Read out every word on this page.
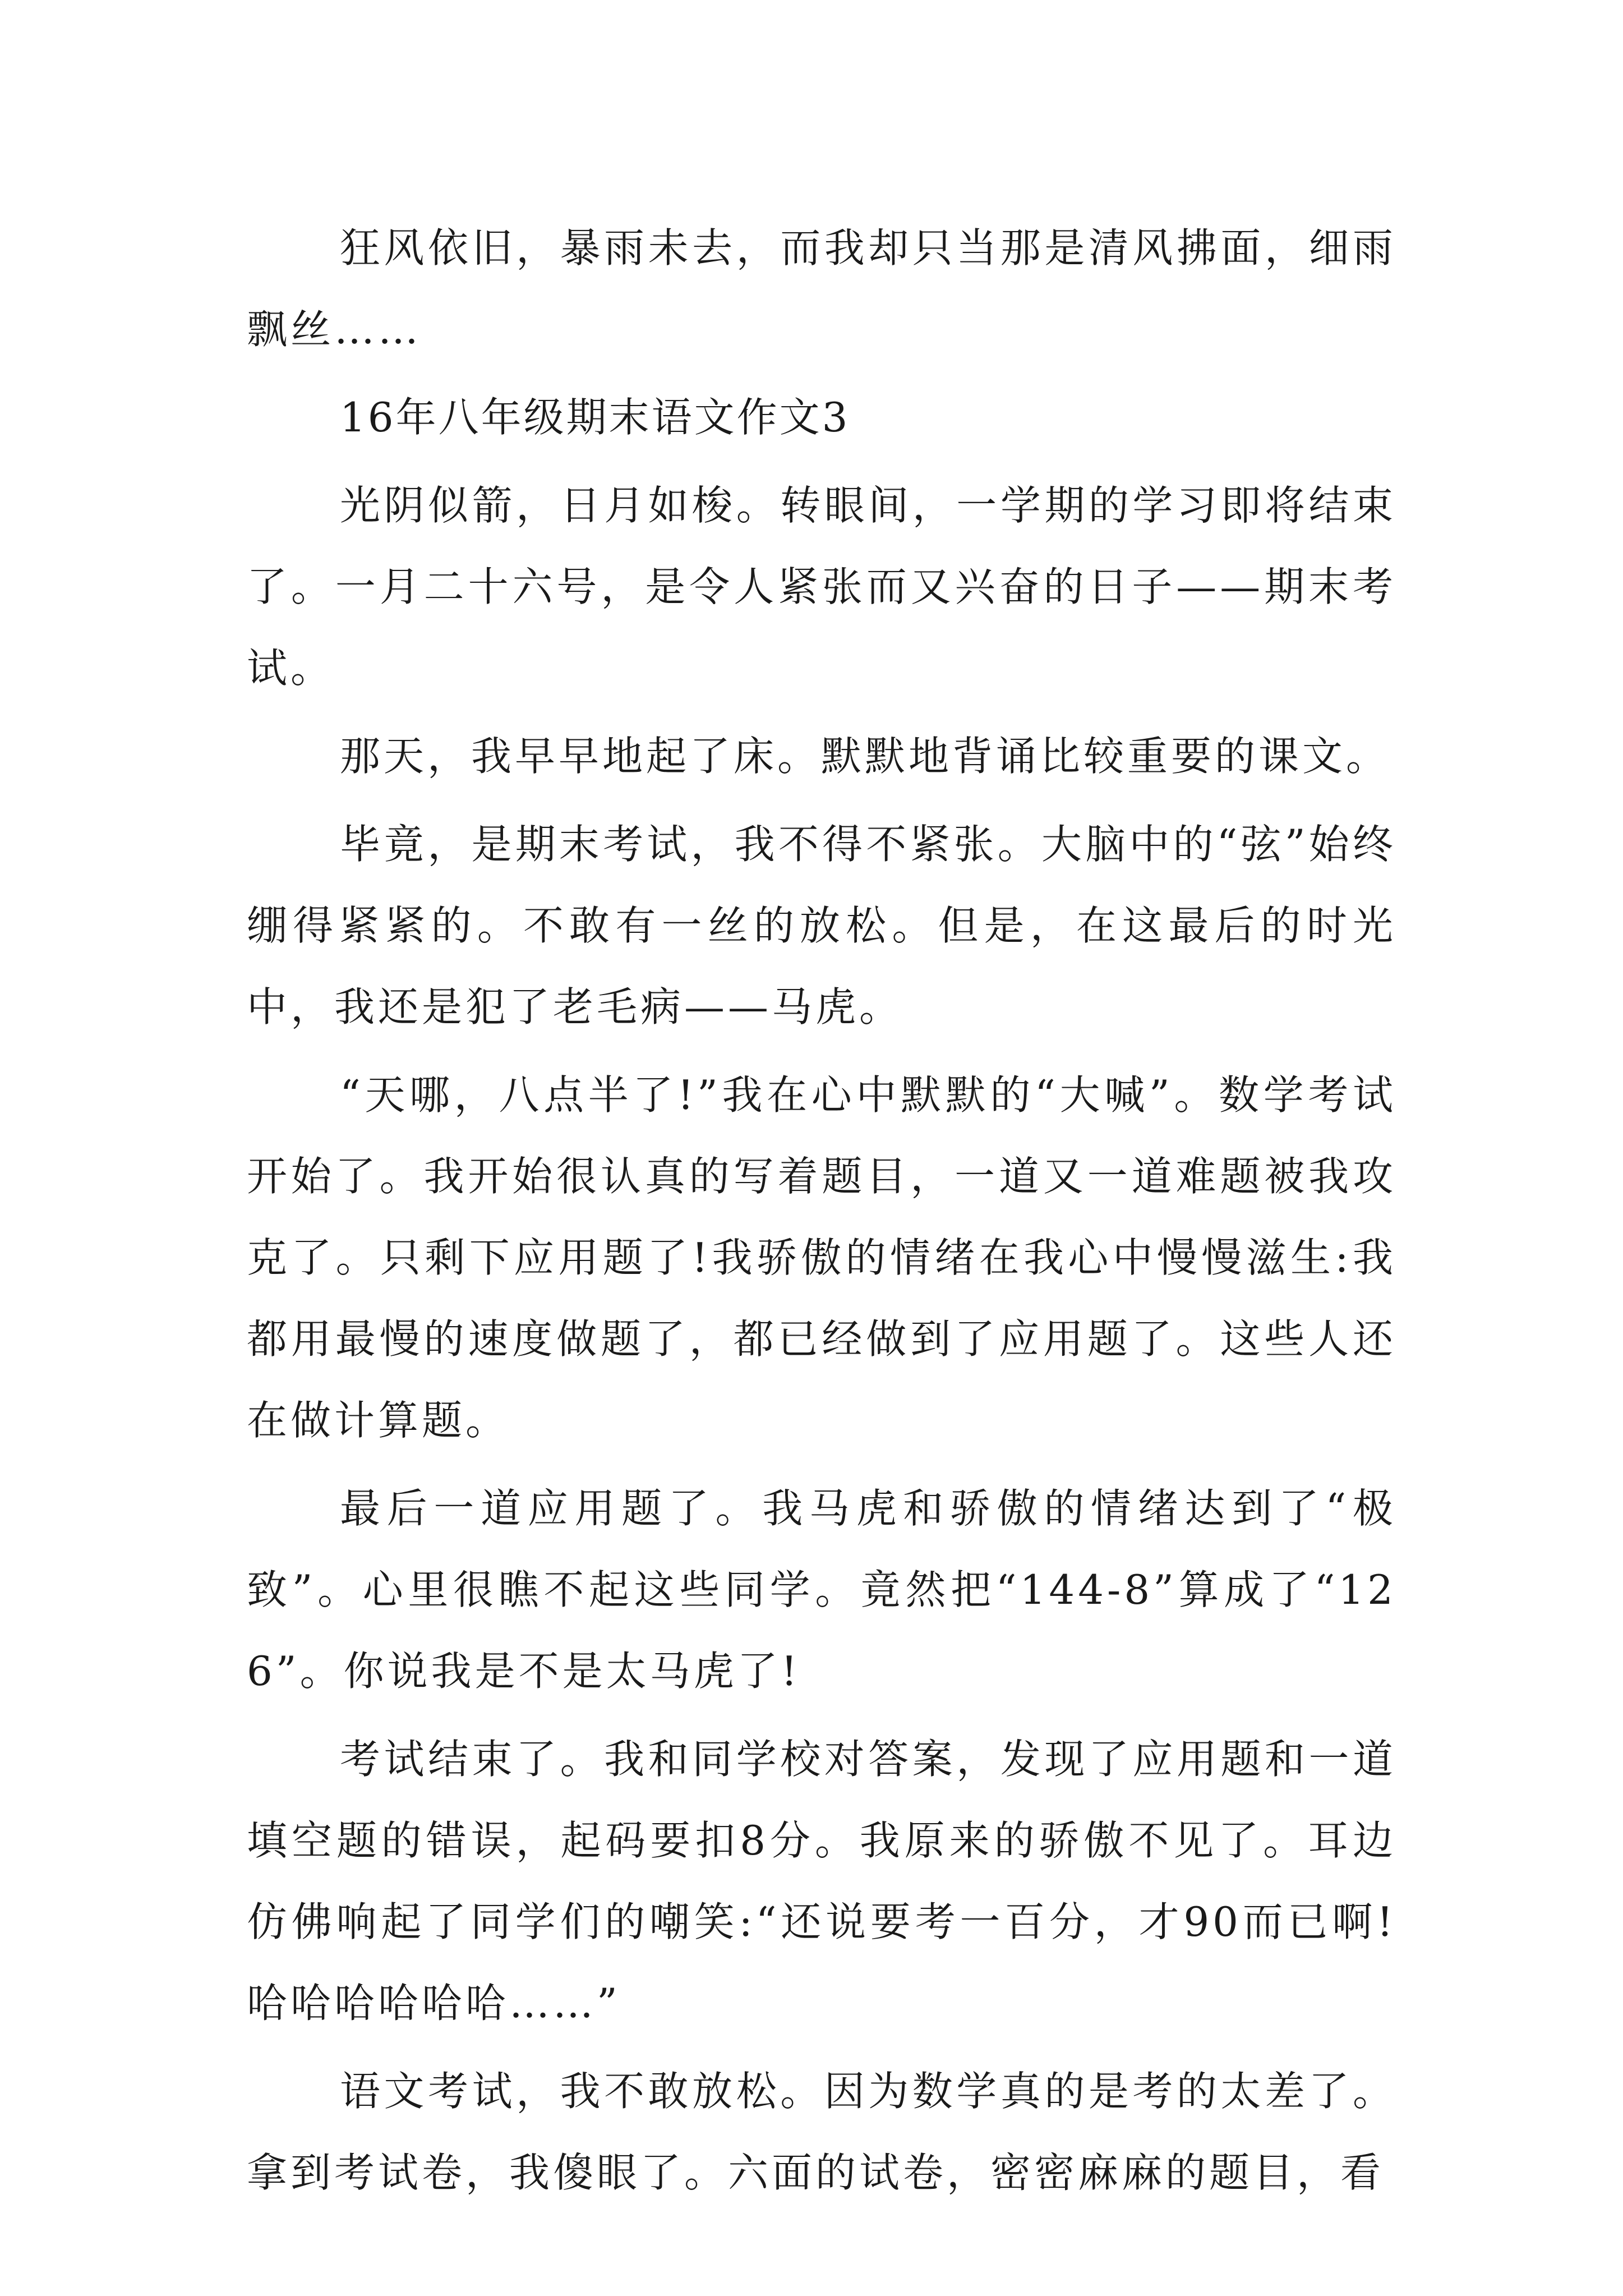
狂风依旧，暴雨未去，而我却只当那是清风拂面，细雨飘丝……

16年八年级期末语文作文3

光阴似箭，日月如梭。转眼间，一学期的学习即将结束了。一月二十六号，是令人紧张而又兴奋的日子——期末考试。

那天，我早早地起了床。默默地背诵比较重要的课文。

毕竟，是期末考试，我不得不紧张。大脑中的“弦”始终绷得紧紧的。不敢有一丝的放松。但是，在这最后的时光中，我还是犯了老毛病——马虎。

“天哪，八点半了!”我在心中默默的“大喊”。数学考试开始了。我开始很认真的写着题目，一道又一道难题被我攻克了。只剩下应用题了!我骄傲的情绪在我心中慢慢滋生:我都用最慢的速度做题了，都已经做到了应用题了。这些人还在做计算题。

最后一道应用题了。我马虎和骄傲的情绪达到了“极致”。心里很瞧不起这些同学。竟然把“144-8”算成了“126”。你说我是不是太马虎了!

考试结束了。我和同学校对答案，发现了应用题和一道填空题的错误，起码要扣8分。我原来的骄傲不见了。耳边仿佛响起了同学们的嘲笑:“还说要考一百分，才90而已啊!哈哈哈哈哈哈……”

语文考试，我不敢放松。因为数学真的是考的太差了。拿到考试卷，我傻眼了。六面的试卷，密密麻麻的题目，看
